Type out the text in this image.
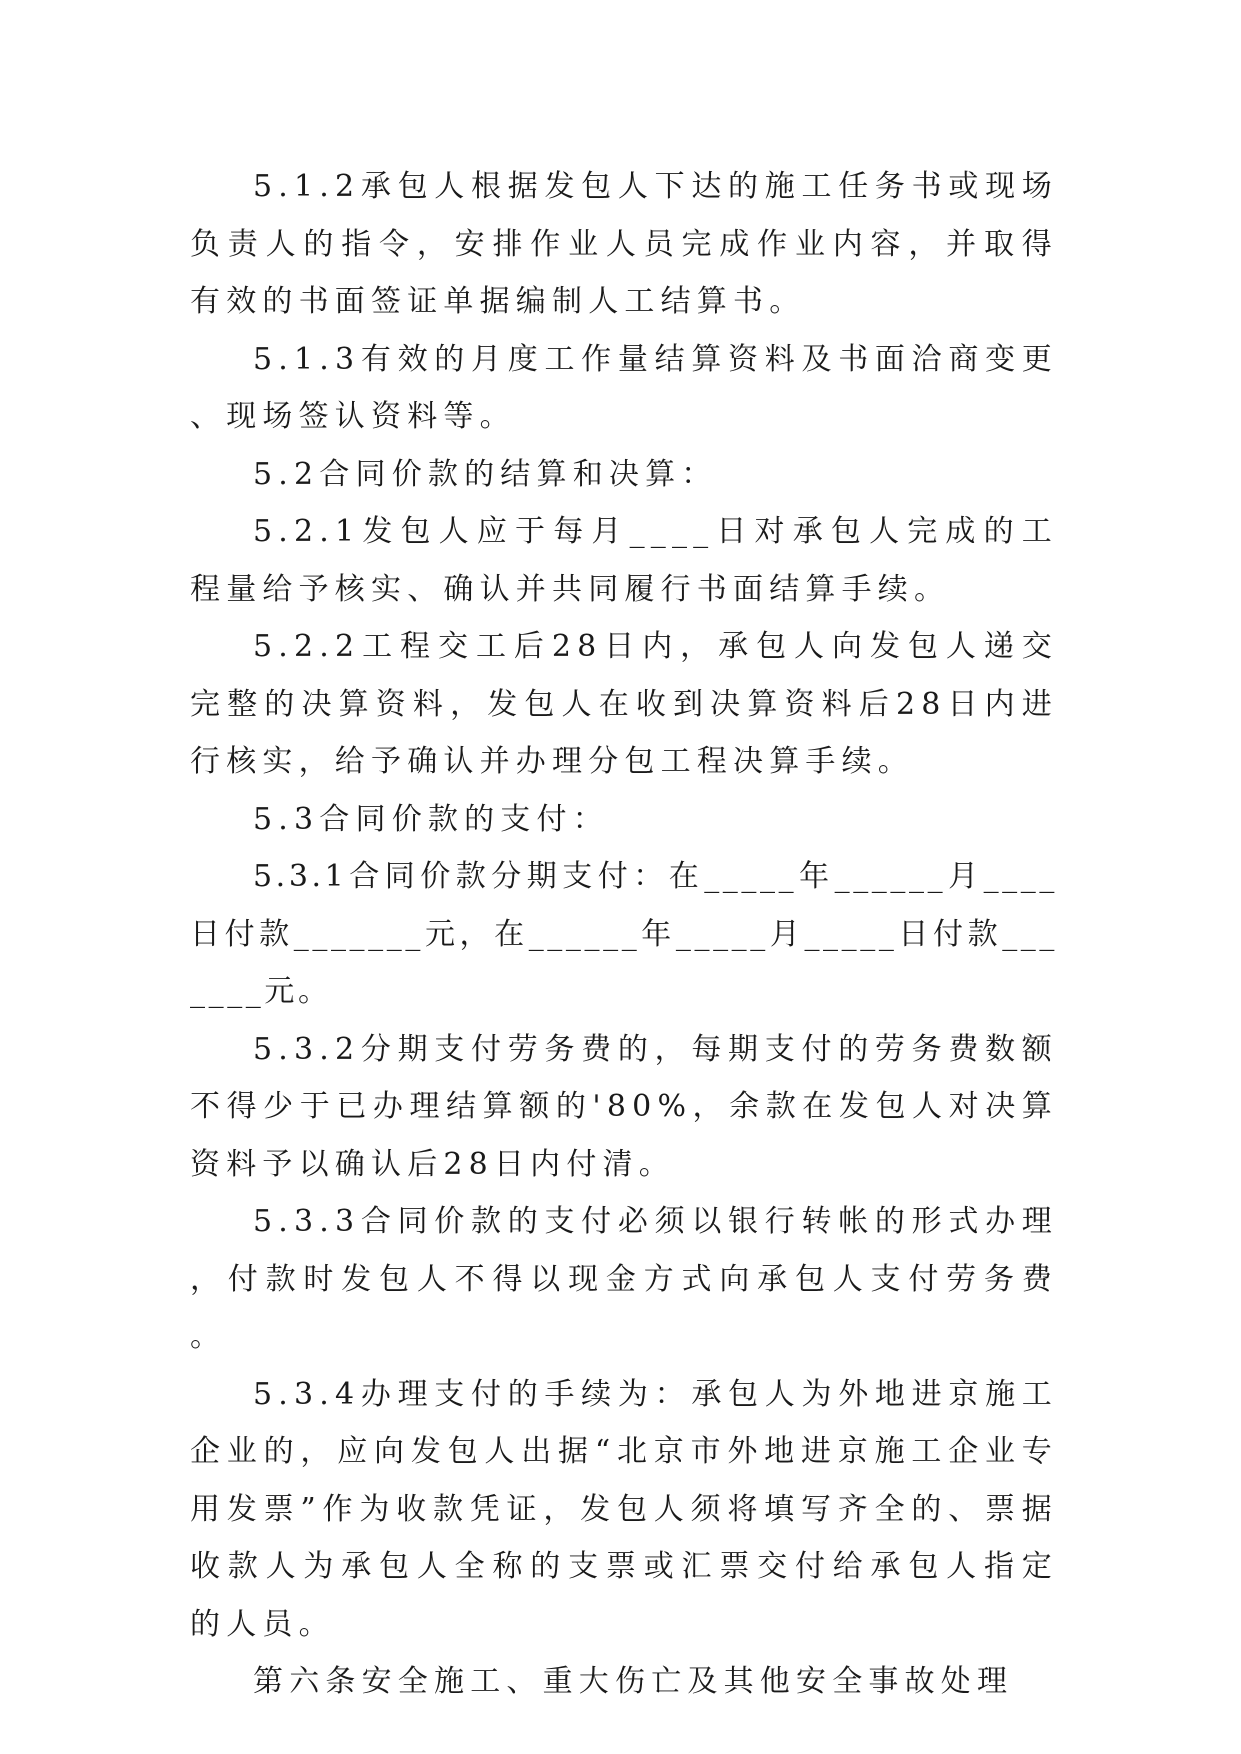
5.1.2承包人根据发包人下达的施工任务书或现场负责人的指令，安排作业人员完成作业内容，并取得有效的书面签证单据编制人工结算书。

5.1.3有效的月度工作量结算资料及书面洽商变更、现场签认资料等。

5.2合同价款的结算和决算：

5.2.1发包人应于每月____日对承包人完成的工程量给予核实、确认并共同履行书面结算手续。

5.2.2工程交工后28日内，承包人向发包人递交完整的决算资料，发包人在收到决算资料后28日内进行核实，给予确认并办理分包工程决算手续。

5.3合同价款的支付：

5.3.1合同价款分期支付：在_____年______月____日付款_______元，在______年_____月_____日付款_______元。

5.3.2分期支付劳务费的，每期支付的劳务费数额不得少于已办理结算额的'80%，余款在发包人对决算资料予以确认后28日内付清。

5.3.3合同价款的支付必须以银行转帐的形式办理，付款时发包人不得以现金方式向承包人支付劳务费。

5.3.4办理支付的手续为：承包人为外地进京施工企业的，应向发包人出据“北京市外地进京施工企业专用发票”作为收款凭证，发包人须将填写齐全的、票据收款人为承包人全称的支票或汇票交付给承包人指定的人员。

第六条安全施工、重大伤亡及其他安全事故处理
